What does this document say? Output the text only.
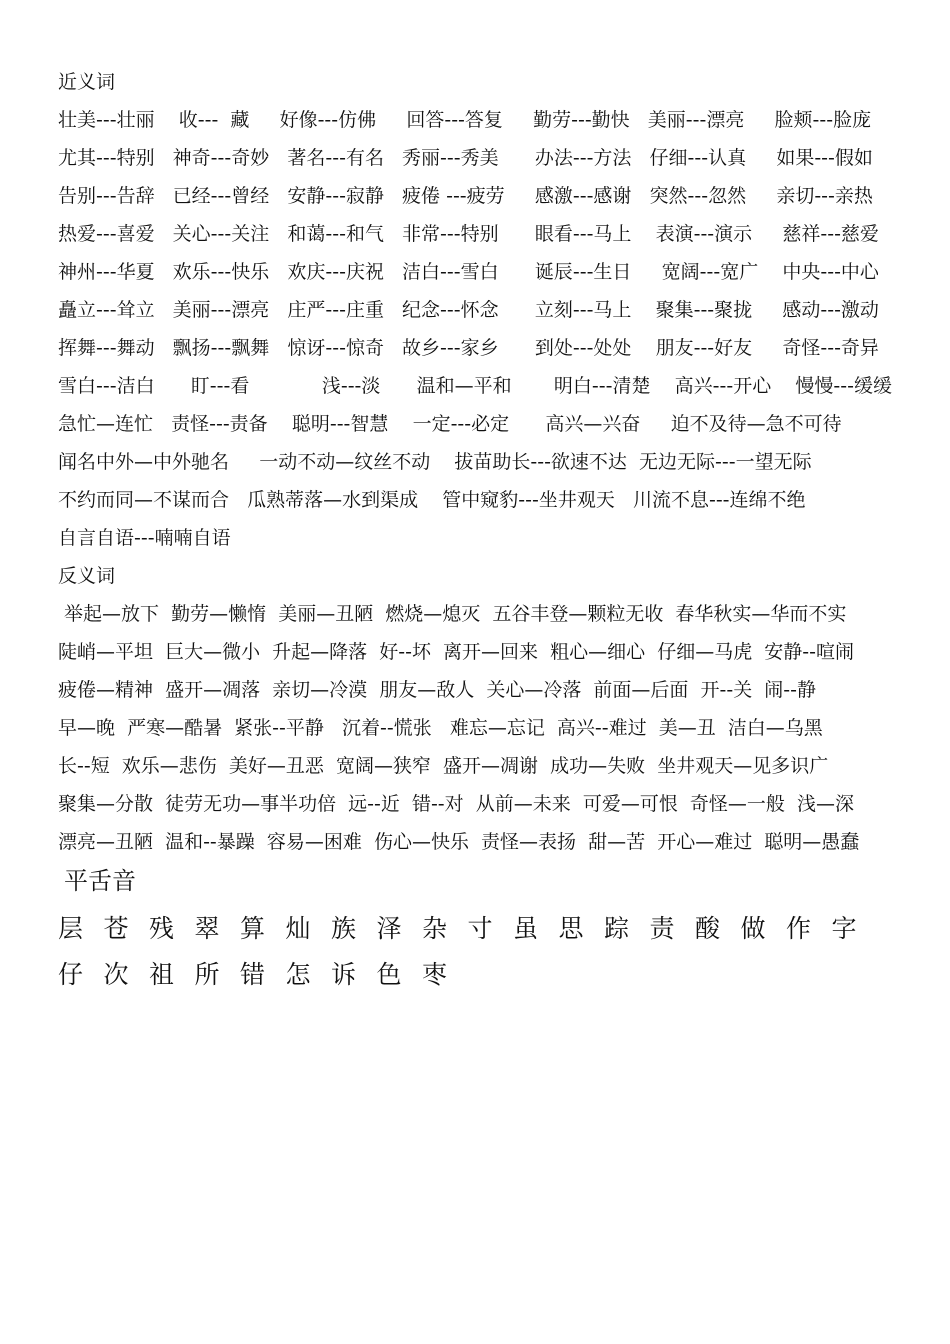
近义词
壮美---壮丽    收---  藏     好像---仿佛     回答---答复     勤劳---勤快   美丽---漂亮     脸颊---脸庞
尤其---特别   神奇---奇妙   著名---有名   秀丽---秀美      办法---方法   仔细---认真     如果---假如
告别---告辞   已经---曾经   安静---寂静   疲倦 ---疲劳     感激---感谢   突然---忽然     亲切---亲热
热爱---喜爱   关心---关注   和蔼---和气   非常---特别      眼看---马上    表演---演示     慈祥---慈爱
神州---华夏   欢乐---快乐   欢庆---庆祝   洁白---雪白      诞辰---生日     宽阔---宽广    中央---中心
矗立---耸立   美丽---漂亮   庄严---庄重   纪念---怀念      立刻---马上    聚集---聚拢     感动---激动
挥舞---舞动   飘扬---飘舞   惊讶---惊奇   故乡---家乡      到处---处处    朋友---好友     奇怪---奇异
雪白---洁白      盯---看            浅---淡      温和—平和       明白---清楚    高兴---开心    慢慢---缓缓
急忙—连忙   责怪---责备    聪明---智慧    一定---必定      高兴—兴奋     迫不及待—急不可待
闻名中外—中外驰名     一动不动—纹丝不动    拔苗助长---欲速不达  无边无际---一望无际
不约而同—不谋而合   瓜熟蒂落—水到渠成    管中窥豹---坐井观天   川流不息---连绵不绝
自言自语---喃喃自语
反义词
举起—放下  勤劳—懒惰  美丽—丑陋  燃烧—熄灭  五谷丰登—颗粒无收  春华秋实—华而不实
陡峭—平坦  巨大—微小  升起—降落  好--坏  离开—回来  粗心—细心  仔细—马虎  安静--喧闹
疲倦—精神  盛开—凋落  亲切—冷漠  朋友—敌人  关心—冷落  前面—后面  开--关  闹--静
早—晚  严寒—酷暑  紧张--平静   沉着--慌张   难忘—忘记  高兴--难过  美—丑  洁白—乌黑
长--短  欢乐—悲伤  美好—丑恶  宽阔—狭窄  盛开—凋谢  成功—失败  坐井观天—见多识广
聚集—分散  徒劳无功—事半功倍  远--近  错--对  从前—未来  可爱—可恨  奇怪—一般  浅—深
漂亮—丑陋  温和--暴躁  容易—困难  伤心—快乐  责怪—表扬  甜—苦  开心—难过  聪明—愚蠢
平舌音
层 苍 残 翠 算 灿 族 泽 杂 寸 虽 思 踪 责 酸 做 作 字
仔 次 祖 所 错 怎 诉 色 枣
